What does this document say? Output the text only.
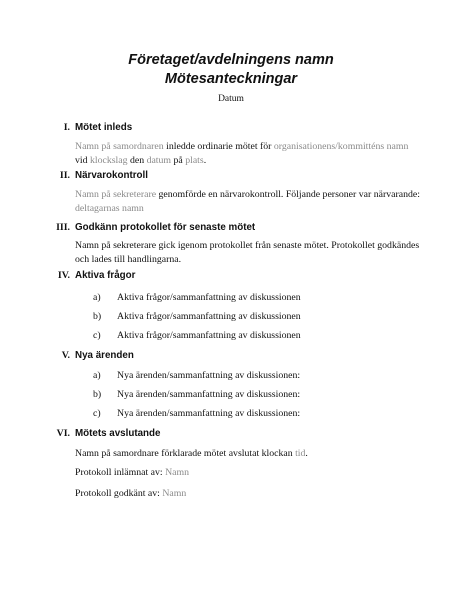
Företaget/avdelningens namn
Mötesanteckningar
Datum
I. Mötet inleds
Namn på samordnaren inledde ordinarie mötet för organisationens/kommitténs namn
vid klockslag den datum på plats.
II. Närvarokontroll
Namn på sekreterare genomförde en närvarokontroll. Följande personer var närvarande:
deltagarnas namn
III. Godkänn protokollet för senaste mötet
Namn på sekreterare gick igenom protokollet från senaste mötet. Protokollet godkändes
och lades till handlingarna.
IV. Aktiva frågor
a)	Aktiva frågor/sammanfattning av diskussionen
b)	Aktiva frågor/sammanfattning av diskussionen
c)	Aktiva frågor/sammanfattning av diskussionen
V. Nya ärenden
a)	Nya ärenden/sammanfattning av diskussionen:
b)	Nya ärenden/sammanfattning av diskussionen:
c)	Nya ärenden/sammanfattning av diskussionen:
VI. Mötets avslutande
Namn på samordnare förklarade mötet avslutat klockan tid.
Protokoll inlämnat av: Namn
Protokoll godkänt av: Namn
